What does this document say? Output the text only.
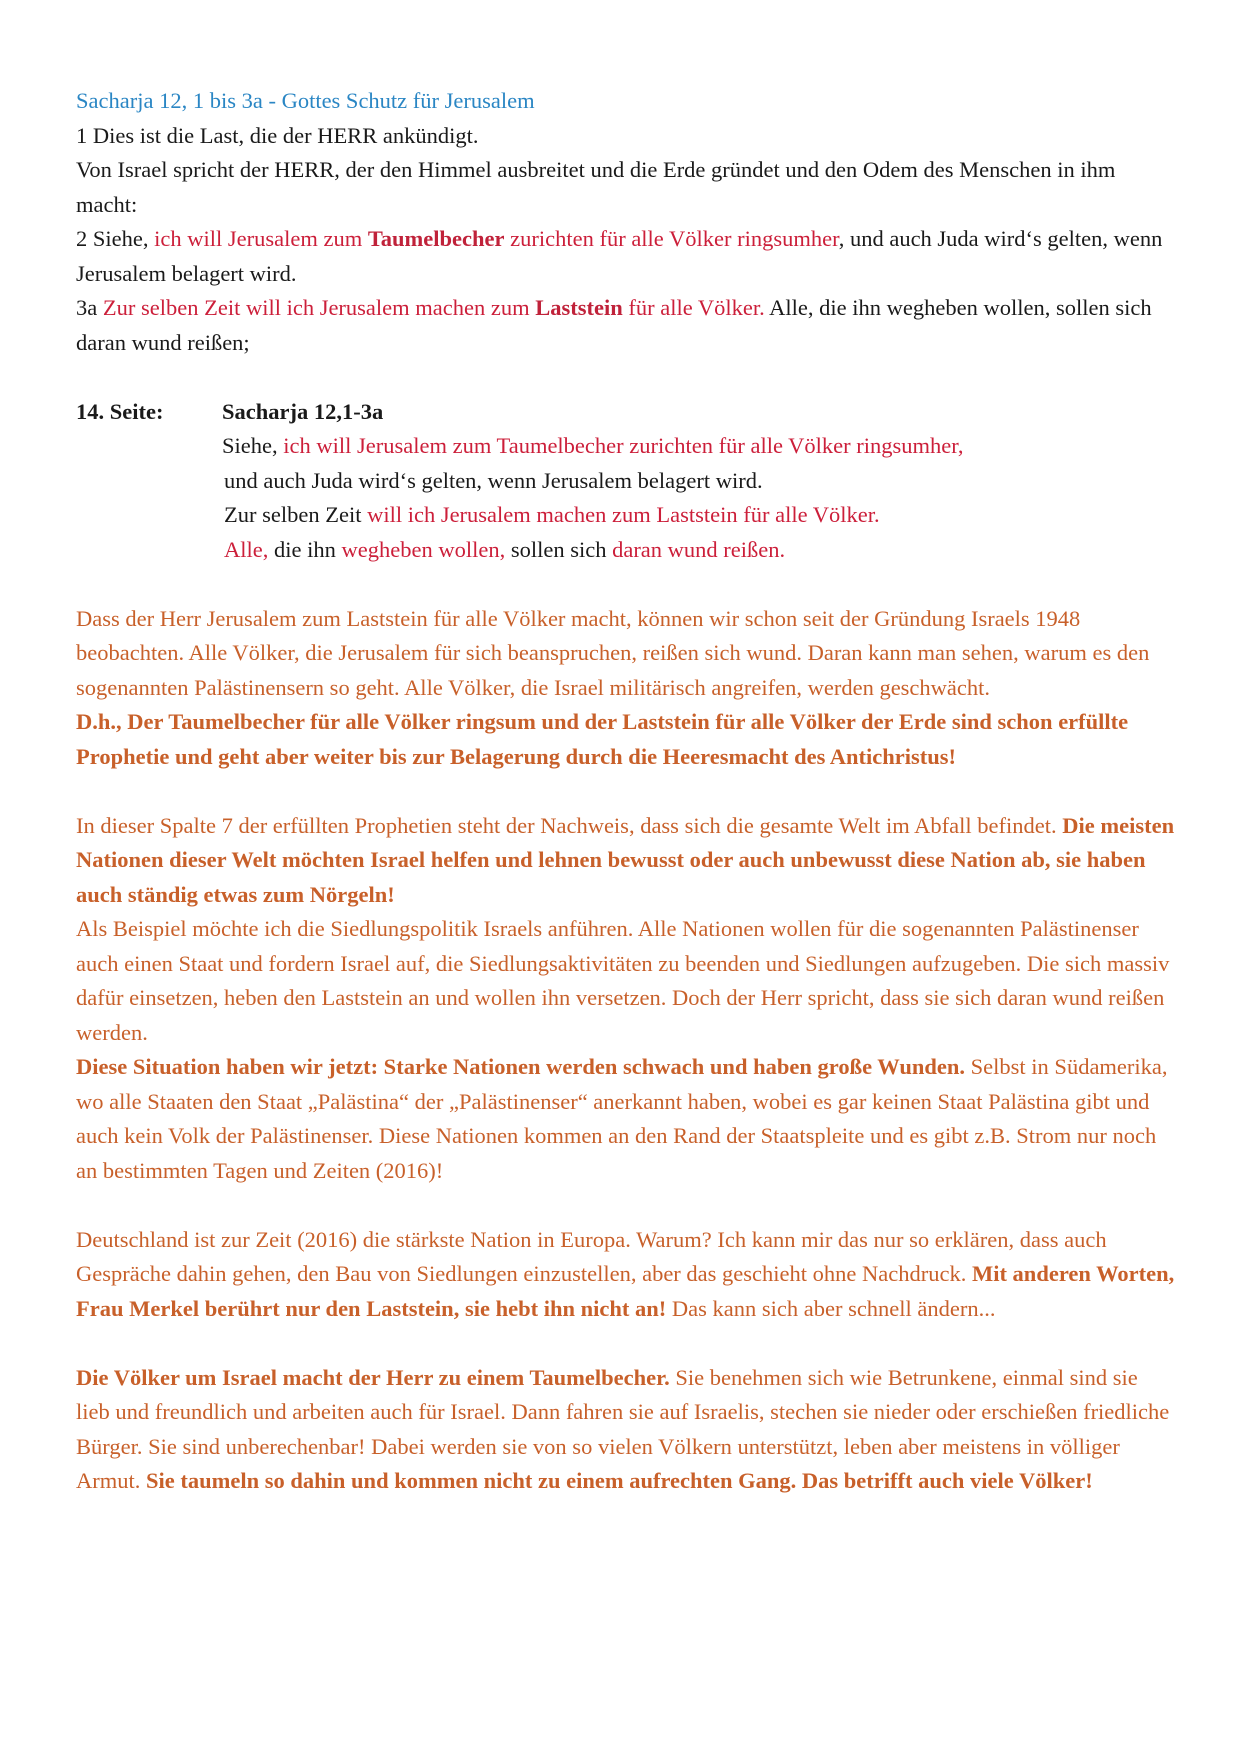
Sacharja 12, 1 bis 3a - Gottes Schutz für Jerusalem

1 Dies ist die Last, die der HERR ankündigt.

Von Israel spricht der HERR, der den Himmel ausbreitet und die Erde gründet und den Odem des Menschen in ihm macht:

2 Siehe, ich will Jerusalem zum Taumelbecher zurichten für alle Völker ringsumher, und auch Juda wird‘s gelten, wenn Jerusalem belagert wird.

3a Zur selben Zeit will ich Jerusalem machen zum Laststein für alle Völker. Alle, die ihn wegheben wollen, sollen sich daran wund reißen;

14. Seite:	Sacharja 12,1-3a

Siehe, ich will Jerusalem zum Taumelbecher zurichten für alle Völker ringsumher,

und auch Juda wird‘s gelten, wenn Jerusalem belagert wird.

Zur selben Zeit will ich Jerusalem machen zum Laststein für alle Völker.

Alle, die ihn wegheben wollen, sollen sich daran wund reißen.

Dass der Herr Jerusalem zum Laststein für alle Völker macht, können wir schon seit der Gründung Israels 1948 beobachten. Alle Völker, die Jerusalem für sich beanspruchen, reißen sich wund. Daran kann man sehen, warum es den sogenannten Palästinensern so geht. Alle Völker, die Israel militärisch angreifen, werden geschwächt.

D.h., Der Taumelbecher für alle Völker ringsum und der Laststein für alle Völker der Erde sind schon erfüllte Prophetie und geht aber weiter bis zur Belagerung durch die Heeresmacht des Antichristus!

In dieser Spalte 7 der erfüllten Prophetien steht der Nachweis, dass sich die gesamte Welt im Abfall befindet. Die meisten Nationen dieser Welt möchten Israel helfen und lehnen bewusst oder auch unbewusst diese Nation ab, sie haben auch ständig etwas zum Nörgeln!

Als Beispiel möchte ich die Siedlungspolitik Israels anführen. Alle Nationen wollen für die sogenannten Palästinenser auch einen Staat und fordern Israel auf, die Siedlungsaktivitäten zu beenden und Siedlungen aufzugeben. Die sich massiv dafür einsetzen, heben den Laststein an und wollen ihn versetzen. Doch der Herr spricht, dass sie sich daran wund reißen werden.

Diese Situation haben wir jetzt: Starke Nationen werden schwach und haben große Wunden. Selbst in Südamerika, wo alle Staaten den Staat „Palästina“ der „Palästinenser“ anerkannt haben, wobei es gar keinen Staat Palästina gibt und auch kein Volk der Palästinenser. Diese Nationen kommen an den Rand der Staatspleite und es gibt z.B. Strom nur noch an bestimmten Tagen und Zeiten (2016)!

Deutschland ist zur Zeit (2016) die stärkste Nation in Europa. Warum? Ich kann mir das nur so erklären, dass auch Gespräche dahin gehen, den Bau von Siedlungen einzustellen, aber das geschieht ohne Nachdruck. Mit anderen Worten, Frau Merkel berührt nur den Laststein, sie hebt ihn nicht an! Das kann sich aber schnell ändern...

Die Völker um Israel macht der Herr zu einem Taumelbecher. Sie benehmen sich wie Betrunkene, einmal sind sie lieb und freundlich und arbeiten auch für Israel. Dann fahren sie auf Israelis, stechen sie nieder oder erschießen friedliche Bürger. Sie sind unberechenbar! Dabei werden sie von so vielen Völkern unterstützt, leben aber meistens in völliger Armut. Sie taumeln so dahin und kommen nicht zu einem aufrechten Gang. Das betrifft auch viele Völker!
